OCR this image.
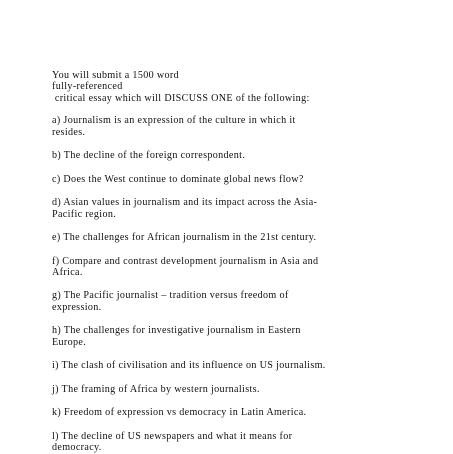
You will submit a 1500 word
fully-referenced
critical essay which will DISCUSS ONE of the following:
a) Journalism is an expression of the culture in which it
resides.
b) The decline of the foreign correspondent.
c) Does the West continue to dominate global news flow?
d) Asian values in journalism and its impact across the Asia-
Pacific region.
e) The challenges for African journalism in the 21st century.
f) Compare and contrast development journalism in Asia and
Africa.
g) The Pacific journalist – tradition versus freedom of
expression.
h) The challenges for investigative journalism in Eastern
Europe.
i) The clash of civilisation and its influence on US journalism.
j) The framing of Africa by western journalists.
k) Freedom of expression vs democracy in Latin America.
l) The decline of US newspapers and what it means for
democracy.
